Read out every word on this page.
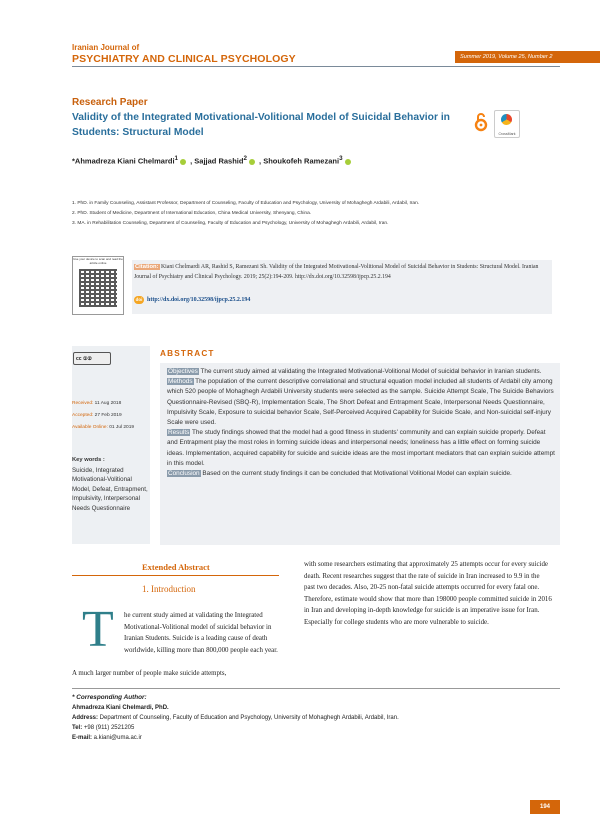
Iranian Journal of
PSYCHIATRY AND CLINICAL PSYCHOLOGY	Summer 2019, Volume 25, Number 2
Research Paper
Validity of the Integrated Motivational-Volitional Model of Suicidal Behavior in Students: Structural Model	CrossMark
*Ahmadreza Kiani Chelmardi$^1$ , Sajjad Rashid$^2$ , Shoukofeh Ramezani$^3$
1. PhD. in Family Counseling, Assistant Professor, Department of Counseling, Faculty of Education and Psychology, University of Mohaghegh Ardabili, Ardabil, Iran.
2. PhD. Student of Medicine, Department of International Education, China Medical University, Shenyang, China.
3. MA. in Rehabilitation Counseling, Department of Counseling, Faculty of Education and Psychology, University of Mohaghegh Ardabili, Ardabil, Iran.
Use your device to scan and read the article online
Citation: Kiani Chelmardi AR, Rashid S, Ramezani Sh. Validity of the Integrated Motivational-Volitional Model of Suicidal Behavior in Students: Structural Model. Iranian Journal of Psychiatry and Clinical Psychology. 2019; 25(2):194-209. http://dx.doi.org/10.32598/ijpcp.25.2.194
doi http://dx.doi.org/10.32598/ijpcp.25.2.194
cc ①②
Received: 11 Aug 2018
Accepted: 27 Feb 2019
Available Online: 01 Jul 2019
Key words :
Suicide, Integrated Motivational-Volitional Model, Defeat, Entrapment, Impulsivity, Interpersonal Needs Questionnaire
ABSTRACT
Objectives The current study aimed at validating the Integrated Motivational-Volitional Model of suicidal behavior in Iranian students.
Methods The population of the current descriptive correlational and structural equation model included all students of Ardabil city among which 520 people of Mohaghegh Ardabili University students were selected as the sample. Suicide Attempt Scale, The Suicide Behaviors Questionnaire-Revised (SBQ-R), Implementation Scale, The Short Defeat and Entrapment Scale, Interpersonal Needs Questionnaire, Impulsivity Scale, Exposure to suicidal behavior Scale, Self-Perceived Acquired Capability for Suicide Scale, and Non-suicidal self-injury Scale were used.
Results The study findings showed that the model had a good fitness in students' community and can explain suicide properly. Defeat and Entrapment play the most roles in forming suicide ideas and interpersonal needs; loneliness has a little effect on forming suicide ideas. Implementation, acquired capability for suicide and suicide ideas are the most important mediators that can explain suicide attempt in this model.
Conclusion Based on the current study findings it can be concluded that Motivational Volitional Model can explain suicide.
Extended Abstract
1. Introduction
T he current study aimed at validating the Integrated Motivational-Volitional model of suicidal behavior in Iranian Students. Suicide is a leading cause of death worldwide, killing more than 800,000 people each year.
A much larger number of people make suicide attempts,
with some researchers estimating that approximately 25 attempts occur for every suicide death. Recent researches suggest that the rate of suicide in Iran increased to 9.9 in the past two decades. Also, 20-25 non-fatal suicide attempts occurred for every fatal one. Therefore, estimate would show that more than 198000 people committed suicide in 2016 in Iran and developing in-depth knowledge for suicide is an imperative issue for Iran. Especially for college students who are more vulnerable to suicide.
* Corresponding Author:
Ahmadreza Kiani Chelmardi, PhD.
Address: Department of Counseling, Faculty of Education and Psychology, University of Mohaghegh Ardabili, Ardabil, Iran.
Tel: +98 (911) 2521205
E-mail: a.kiani@uma.ac.ir
194
